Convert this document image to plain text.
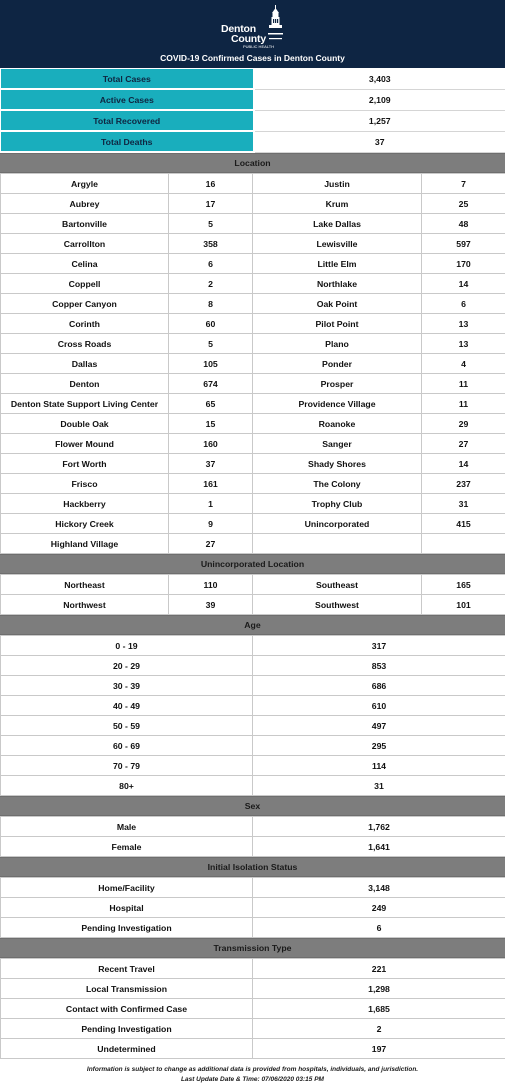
Denton
County
PUBLIC HEALTH
COVID-19 Confirmed Cases in Denton County
Total Cases	3,403
Active Cases	2,109
Total Recovered	1,257
Total Deaths	37
Location
Argyle	16	Justin	7
Aubrey	17	Krum	25
Bartonville	5	Lake Dallas	48
Carrollton	358	Lewisville	597
Celina	6	Little Elm	170
Coppell	2	Northlake	14
Copper Canyon	8	Oak Point	6
Corinth	60	Pilot Point	13
Cross Roads	5	Plano	13
Dallas	105	Ponder	4
Denton	674	Prosper	11
Denton State Support Living Center	65	Providence Village	11
Double Oak	15	Roanoke	29
Flower Mound	160	Sanger	27
Fort Worth	37	Shady Shores	14
Frisco	161	The Colony	237
Hackberry	1	Trophy Club	31
Hickory Creek	9	Unincorporated	415
Highland Village	27		
Unincorporated Location
Northeast	110	Southeast	165
Northwest	39	Southwest	101
Age
0 - 19	317
20 - 29	853
30 - 39	686
40 - 49	610
50 - 59	497
60 - 69	295
70 - 79	114
80+	31
Sex
Male	1,762
Female	1,641
Initial Isolation Status
Home/Facility	3,148
Hospital	249
Pending Investigation	6
Transmission Type
Recent Travel	221
Local Transmission	1,298
Contact with Confirmed Case	1,685
Pending Investigation	2
Undetermined	197
Information is subject to change as additional data is provided from hospitals, individuals, and jurisdiction.
Last Update Date & Time: 07/06/2020 03:15 PM
